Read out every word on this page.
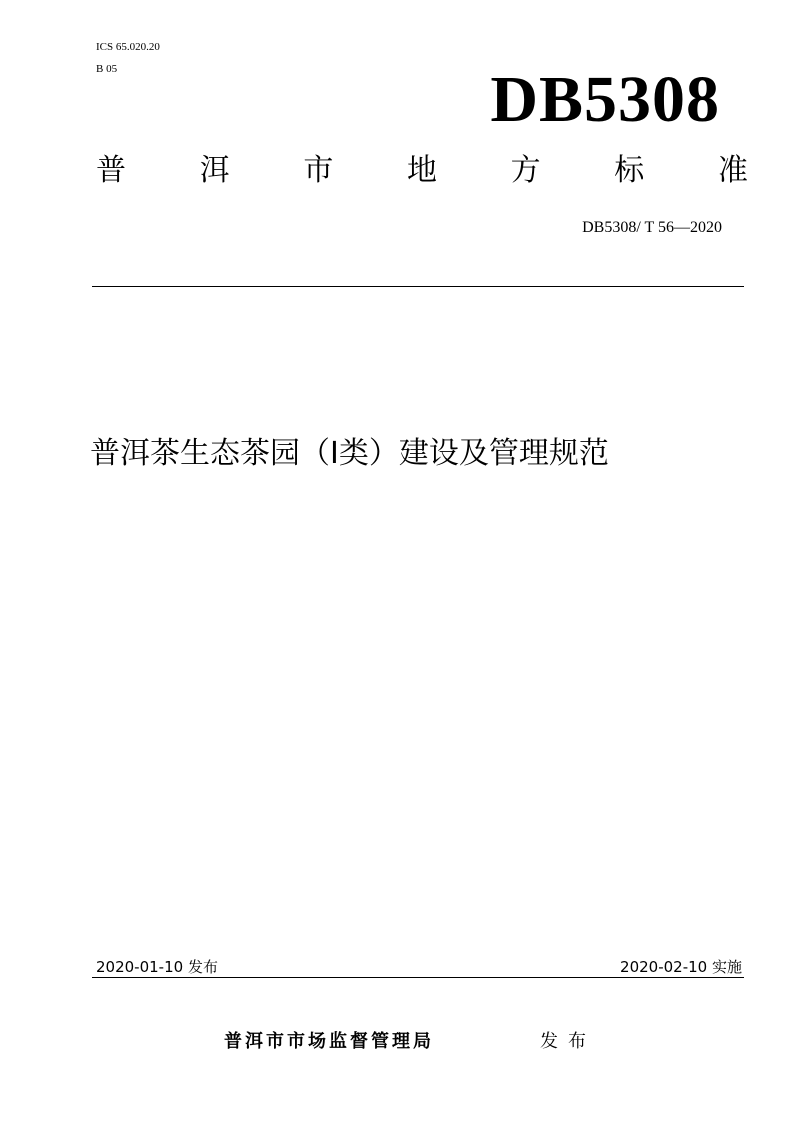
ICS 65.020.20
B 05	DB5308
普 洱 市 地 方 标 准
DB5308/ T 56—2020
普洱茶生态茶园（Ⅰ类）建设及管理规范
2020-01-10 发布	2020-02-10 实施
普洱市市场监督管理局	发布
